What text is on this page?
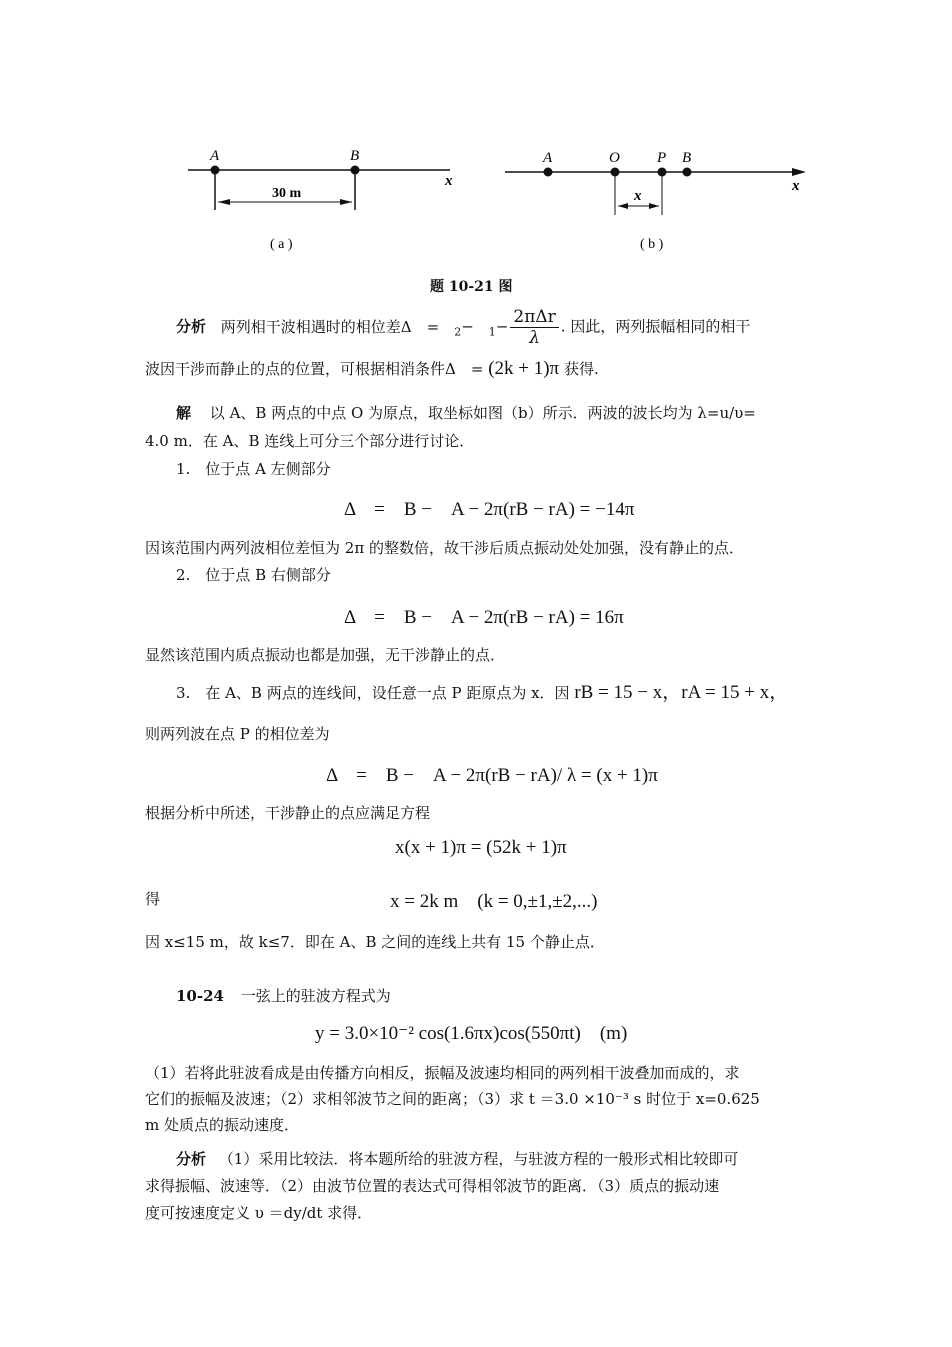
A	B
x
30 m
( a )
A	O P B
x
x
( b )
题 10-21 图
分析 两列相干波相遇时的相位差Δ　=　$_2$−　 $_1- \frac{\text{2πΔr}}{\lambda}$ . 因此，两列振幅相同的相干
波因干涉而静止的点的位置，可根据相消条件Δ　= (2k + 1)π 获得.
解 以 A、B 两点的中点 O 为原点，取坐标如图（b）所示．两波的波长均为 λ=u/υ=
4.0 m．在 A、B 连线上可分三个部分进行讨论．
1.　位于点 A 左侧部分
Δ　=　B −　A − 2π(rB − rA) = −14π
因该范围内两列波相位差恒为 2π 的整数倍，故干涉后质点振动处处加强，没有静止的点．
2.　位于点 B 右侧部分
Δ　=　B −　A − 2π(rB − rA) = 16π
显然该范围内质点振动也都是加强，无干涉静止的点．
3.　在 A、B 两点的连线间，设任意一点 P 距原点为 x．因 rB = 15 − x，rA = 15 + x，
则两列波在点 P 的相位差为
Δ　=　B −　A − 2π(rB − rA)/ λ = (x + 1)π
根据分析中所述，干涉静止的点应满足方程
x(x + 1)π = (52k + 1)π
得	x = 2k m　(k = 0,±1,±2,...)
因 x≤15 m，故 k≤7．即在 A、B 之间的连线上共有 15 个静止点．
10-24 一弦上的驻波方程式为
y = 3.0×10⁻² cos(1.6πx)cos(550πt)　(m)
（1）若将此驻波看成是由传播方向相反，振幅及波速均相同的两列相干波叠加而成的，求
它们的振幅及波速；（2）求相邻波节之间的距离；（3）求 t ＝3.0 ×10⁻³ s 时位于 x=0.625
m 处质点的振动速度．
分析 （1）采用比较法．将本题所给的驻波方程，与驻波方程的一般形式相比较即可
求得振幅、波速等．（2）由波节位置的表达式可得相邻波节的距离．（3）质点的振动速
度可按速度定义 υ ＝dy/dt 求得．
